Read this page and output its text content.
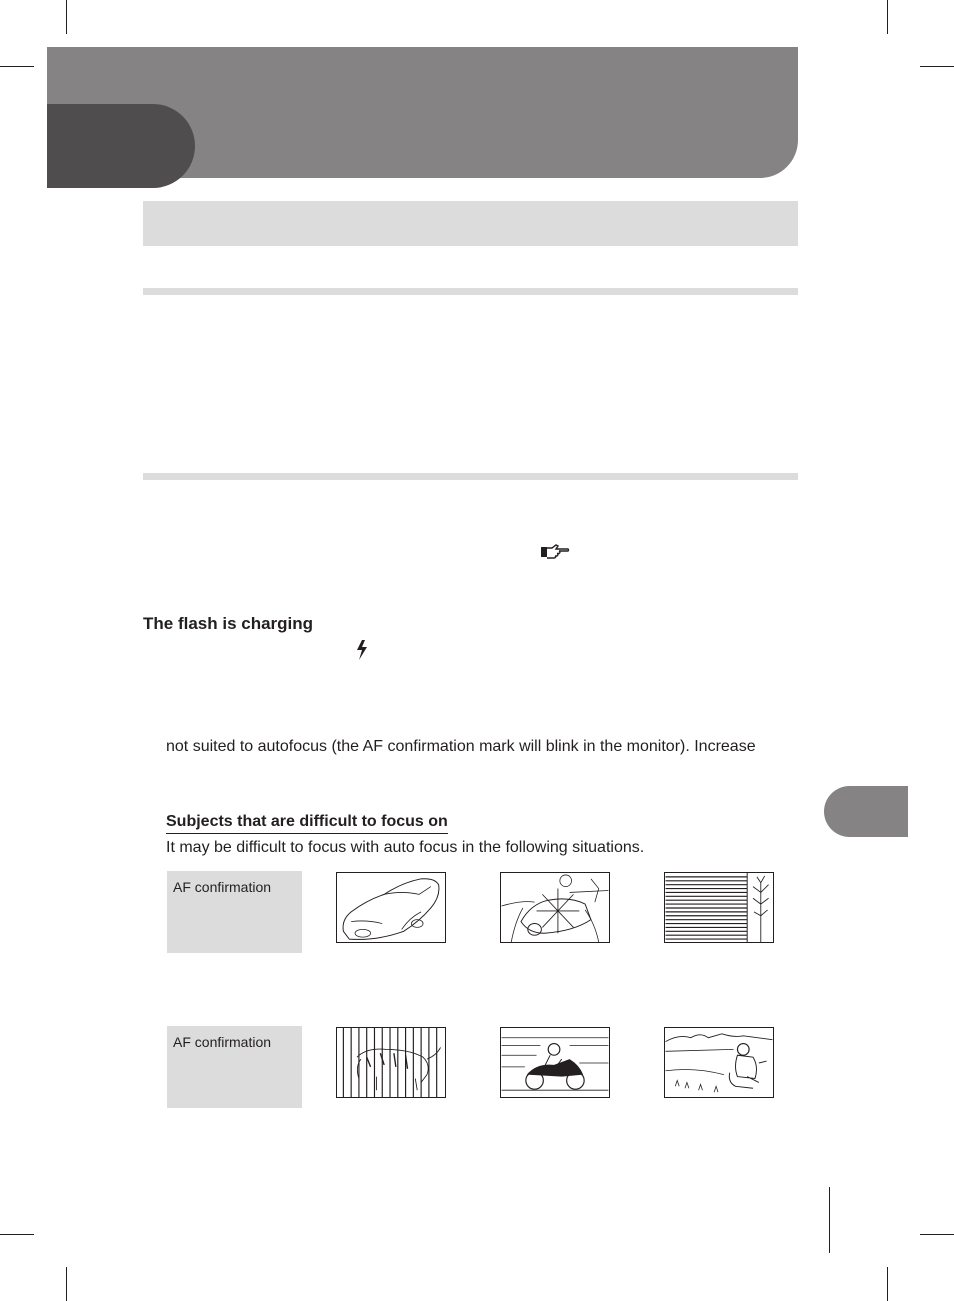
The flash is charging
not suited to autofocus (the AF confirmation mark will blink in the monitor). Increase
Subjects that are difficult to focus on
It may be difficult to focus with auto focus in the following situations.
AF confirmation
AF confirmation
